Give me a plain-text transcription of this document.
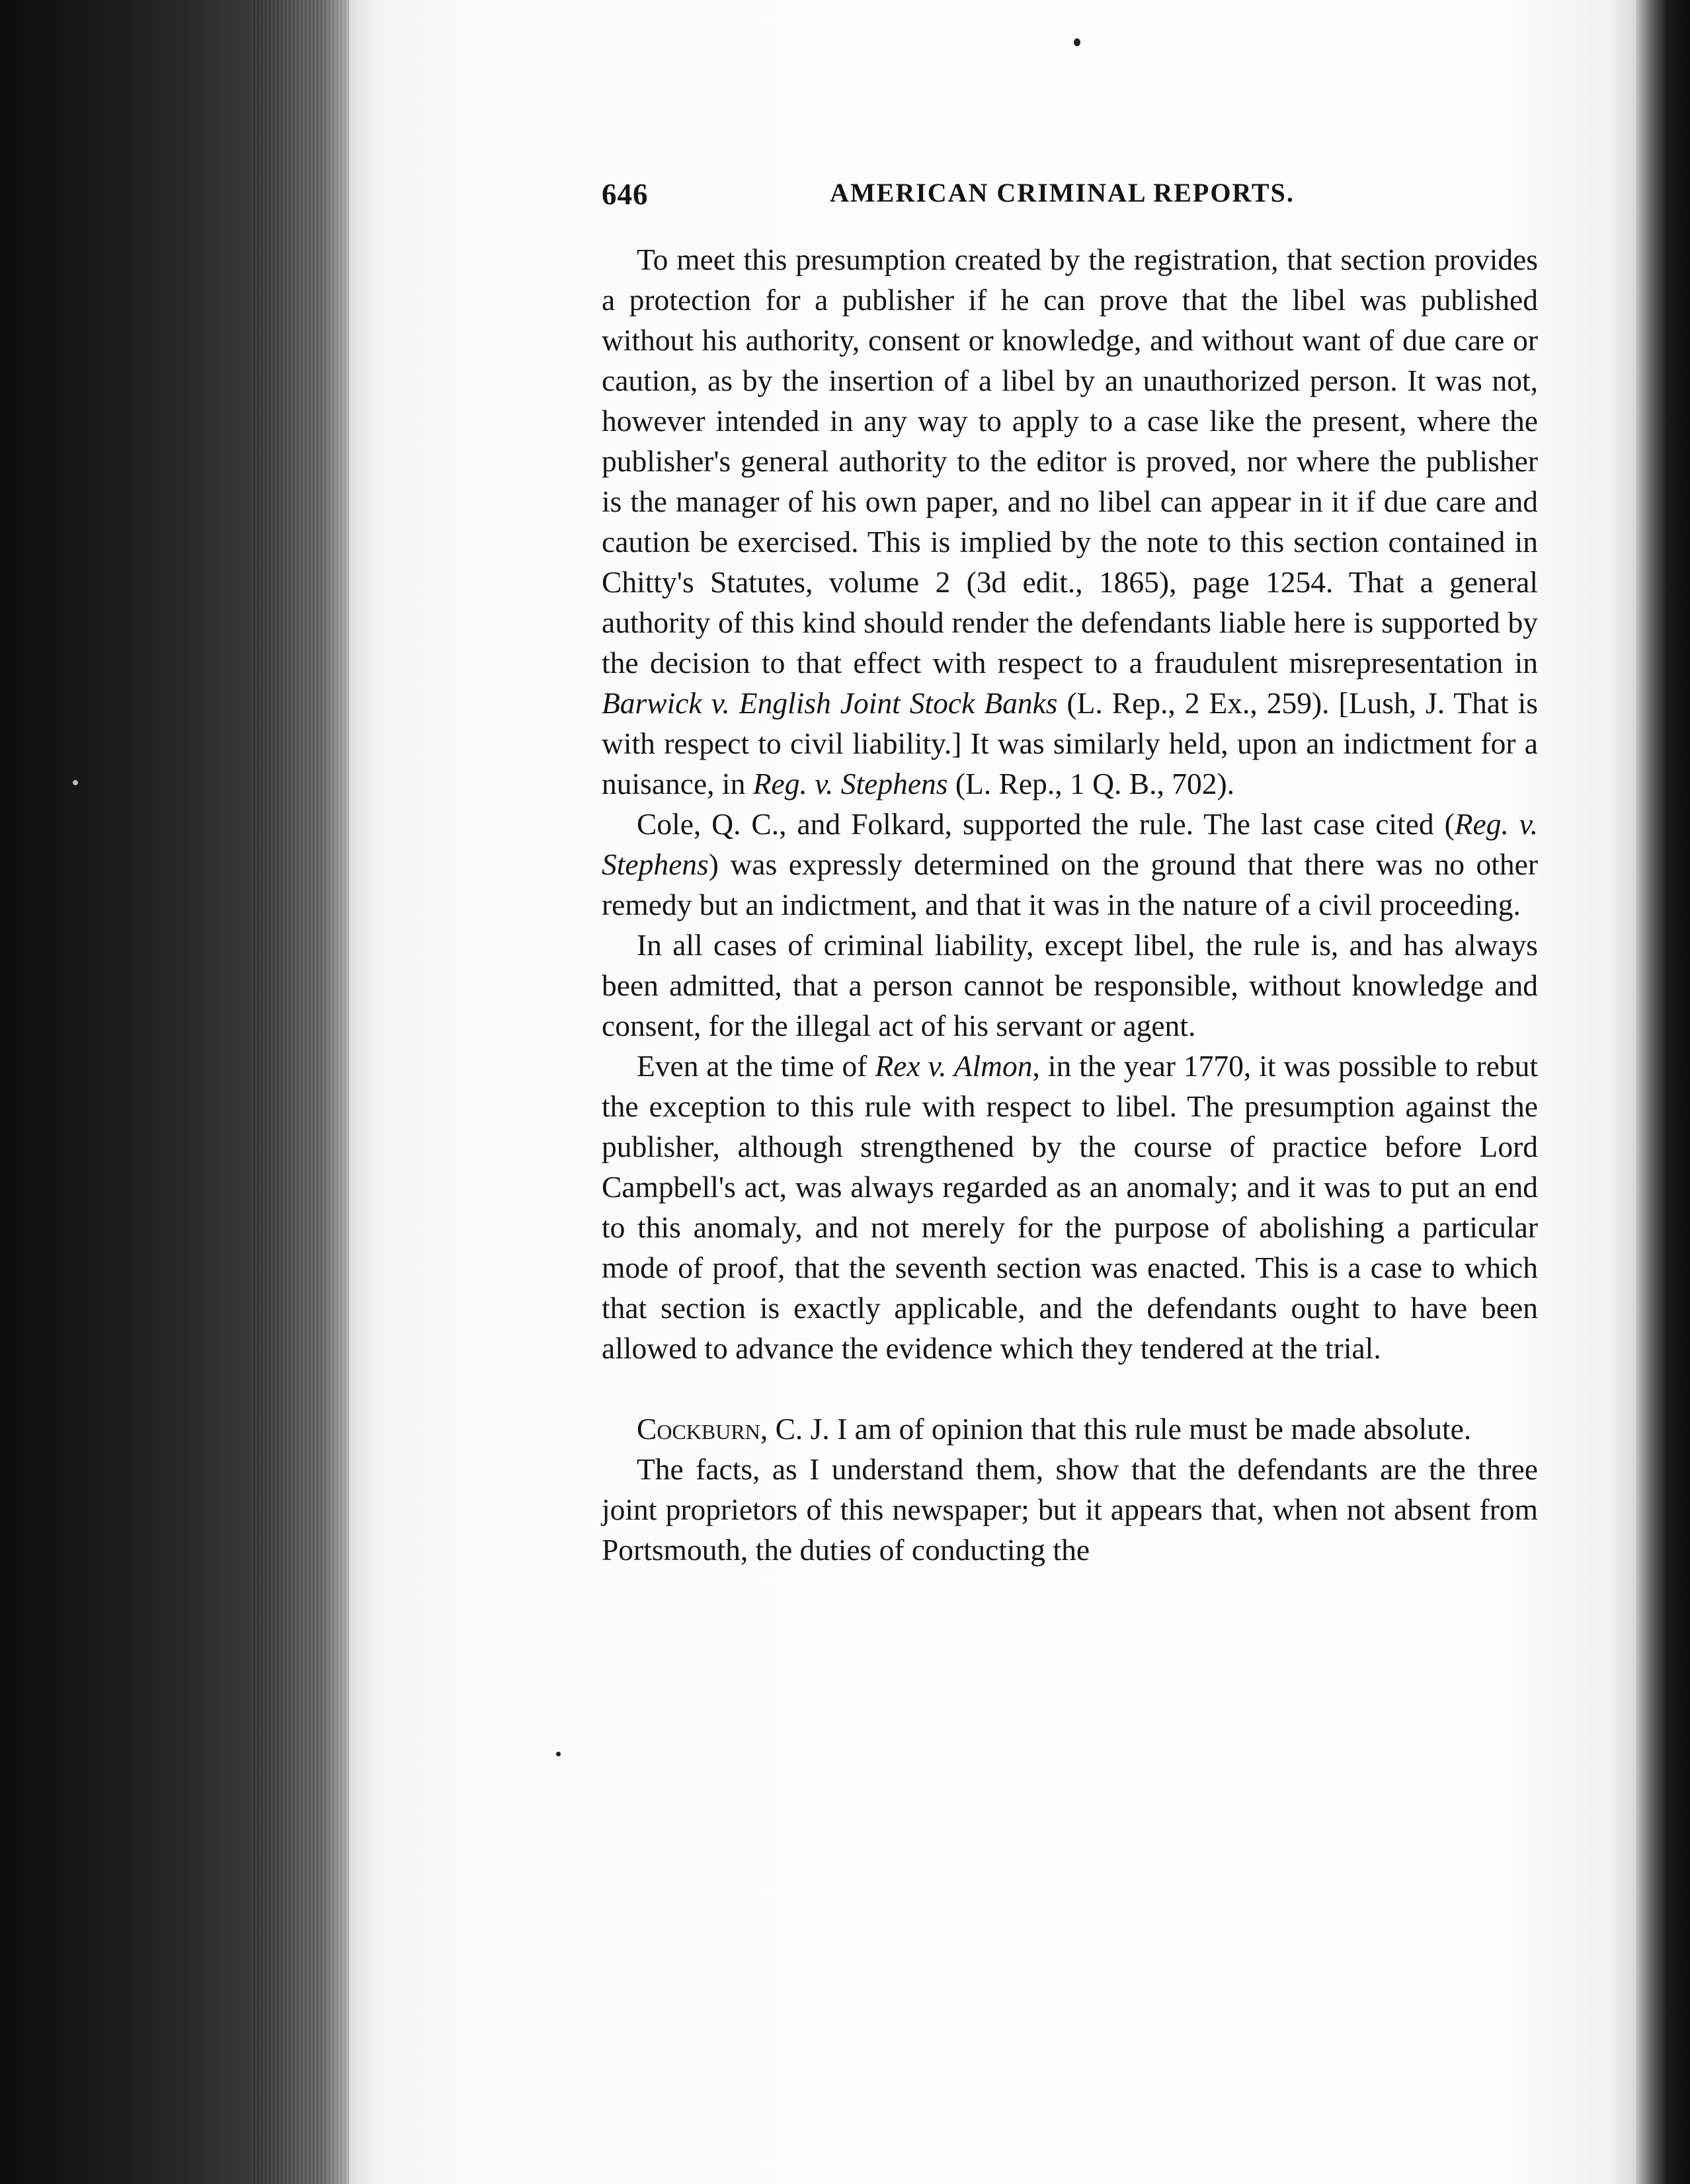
646	AMERICAN CRIMINAL REPORTS.

To meet this presumption created by the registration, that section provides a protection for a publisher if he can prove that the libel was published without his authority, consent or knowledge, and without want of due care or caution, as by the insertion of a libel by an unauthorized person. It was not, however intended in any way to apply to a case like the present, where the publisher's general authority to the editor is proved, nor where the publisher is the manager of his own paper, and no libel can appear in it if due care and caution be exercised. This is implied by the note to this section contained in Chitty's Statutes, volume 2 (3d edit., 1865), page 1254. That a general authority of this kind should render the defendants liable here is supported by the decision to that effect with respect to a fraudulent misrepresentation in Barwick v. English Joint Stock Banks (L. Rep., 2 Ex., 259). [Lush, J. That is with respect to civil liability.] It was similarly held, upon an indictment for a nuisance, in Reg. v. Stephens (L. Rep., 1 Q. B., 702).

Cole, Q. C., and Folkard, supported the rule. The last case cited (Reg. v. Stephens) was expressly determined on the ground that there was no other remedy but an indictment, and that it was in the nature of a civil proceeding.

In all cases of criminal liability, except libel, the rule is, and has always been admitted, that a person cannot be responsible, without knowledge and consent, for the illegal act of his servant or agent.

Even at the time of Rex v. Almon, in the year 1770, it was possible to rebut the exception to this rule with respect to libel. The presumption against the publisher, although strengthened by the course of practice before Lord Campbell's act, was always regarded as an anomaly; and it was to put an end to this anomaly, and not merely for the purpose of abolishing a particular mode of proof, that the seventh section was enacted. This is a case to which that section is exactly applicable, and the defendants ought to have been allowed to advance the evidence which they tendered at the trial.

Cockburn, C. J. I am of opinion that this rule must be made absolute.

The facts, as I understand them, show that the defendants are the three joint proprietors of this newspaper; but it appears that, when not absent from Portsmouth, the duties of conducting the
